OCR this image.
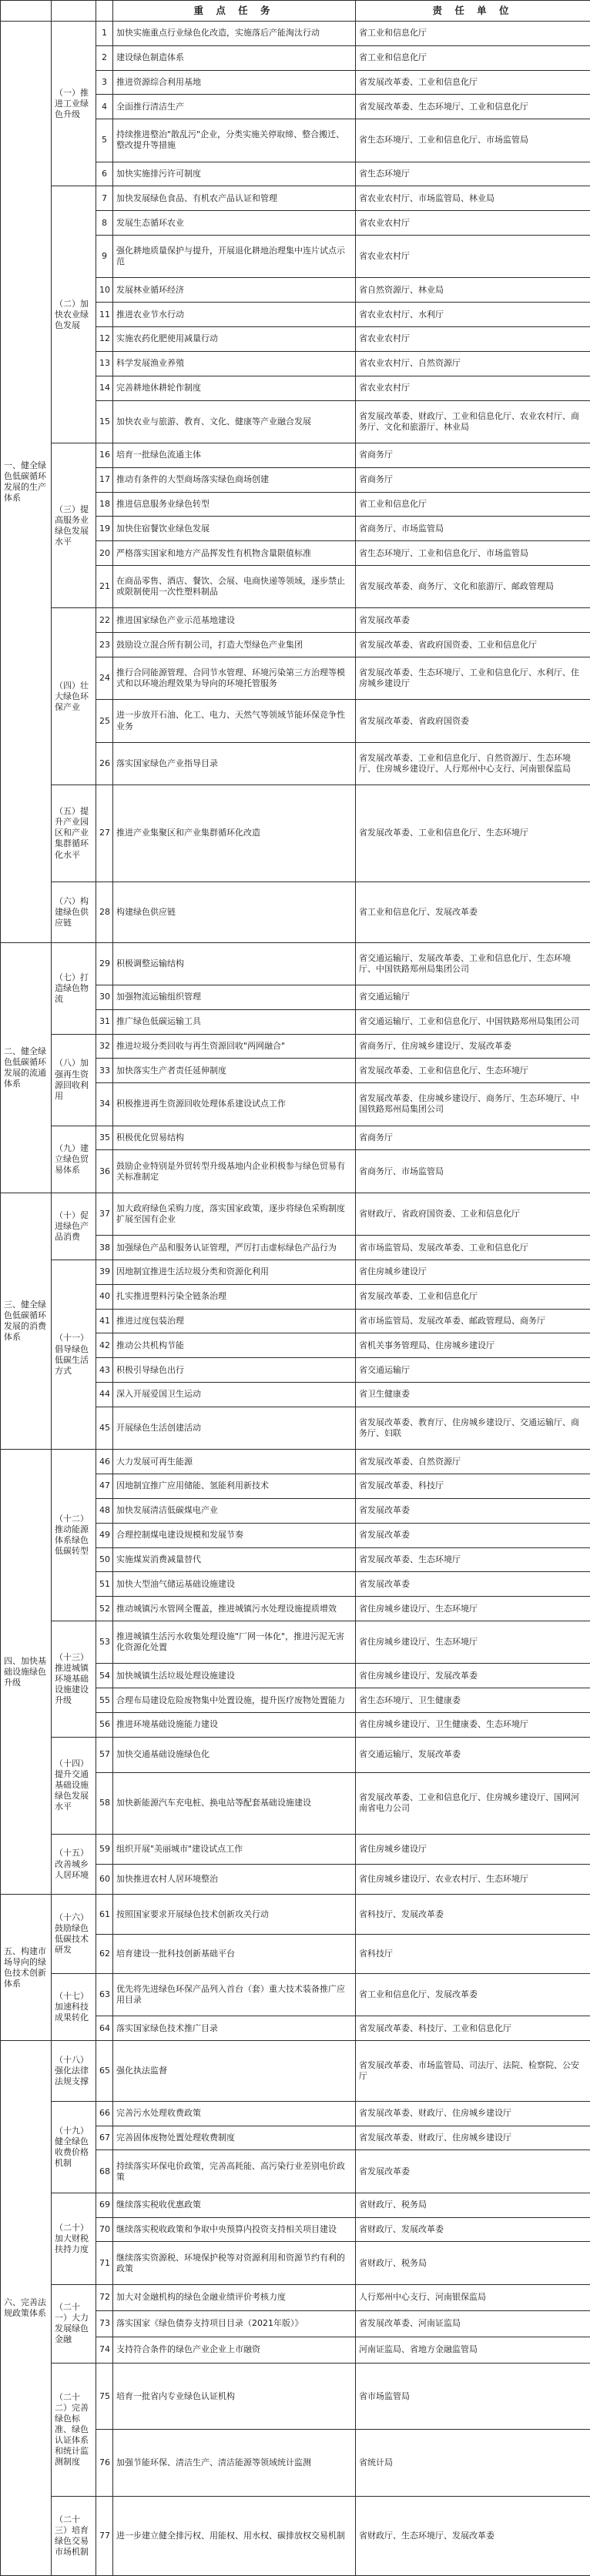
			重 点 任 务	责 任 单 位
一、健全绿色低碳循环发展的生产体系	（一）推进工业绿色升级	1	加快实施重点行业绿色化改造，实施落后产能淘汰行动	省工业和信息化厅
		2	建设绿色制造体系	省工业和信息化厅
		3	推进资源综合利用基地	省发展改革委、工业和信息化厅
		4	全面推行清洁生产	省发展改革委、生态环境厅、工业和信息化厅
		5	持续推进整治"散乱污"企业，分类实施关停取缔、整合搬迁、整改提升等措施	省生态环境厅、工业和信息化厅、市场监管局
		6	加快实施排污许可制度	省生态环境厅
	（二）加快农业绿色发展	7	加快发展绿色食品、有机农产品认证和管理	省农业农村厅、市场监管局、林业局
		8	发展生态循环农业	省农业农村厅
		9	强化耕地质量保护与提升，开展退化耕地治理集中连片试点示范	省农业农村厅
		10	发展林业循环经济	省自然资源厅、林业局
		11	推进农业节水行动	省农业农村厅、水利厅
		12	实施农药化肥使用减量行动	省农业农村厅
		13	科学发展渔业养殖	省农业农村厅、自然资源厅
		14	完善耕地休耕轮作制度	省农业农村厅
		15	加快农业与旅游、教育、文化、健康等产业融合发展	省发展改革委、财政厅、工业和信息化厅、农业农村厅、商务厅、文化和旅游厅、林业局
	（三）提高服务业绿色发展水平	16	培育一批绿色流通主体	省商务厅
		17	推动有条件的大型商场落实绿色商场创建	省商务厅
		18	推进信息服务业绿色转型	省工业和信息化厅
		19	加快住宿餐饮业绿色发展	省商务厅、市场监管局
		20	严格落实国家和地方产品挥发性有机物含量限值标准	省生态环境厅、工业和信息化厅、市场监管局
		21	在商品零售、酒店、餐饮、会展、电商快递等领域，逐步禁止或限制使用一次性塑料制品	省发展改革委、商务厅、文化和旅游厅、邮政管理局
	（四）壮大绿色环保产业	22	推进国家绿色产业示范基地建设	省发展改革委
		23	鼓励设立混合所有制公司，打造大型绿色产业集团	省发展改革委、省政府国资委、工业和信息化厅
		24	推行合同能源管理、合同节水管理、环境污染第三方治理等模式和以环境治理效果为导向的环境托管服务	省发展改革委、生态环境厅、工业和信息化厅、水利厅、住房城乡建设厅
		25	进一步放开石油、化工、电力、天然气等领域节能环保竞争性业务	省发展改革委、省政府国资委
		26	落实国家绿色产业指导目录	省发展改革委、工业和信息化厅、自然资源厅、生态环境厅、住房城乡建设厅、人行郑州中心支行、河南银保监局
	（五）提升产业园区和产业集群循环化水平	27	推进产业集聚区和产业集群循环化改造	省发展改革委、工业和信息化厅、生态环境厅
	（六）构建绿色供应链	28	构建绿色供应链	省工业和信息化厅、发展改革委
二、健全绿色低碳循环发展的流通体系	（七）打造绿色物流	29	积极调整运输结构	省交通运输厅、发展改革委、工业和信息化厅、生态环境厅、中国铁路郑州局集团公司
		30	加强物流运输组织管理	省交通运输厅
		31	推广绿色低碳运输工具	省交通运输厅、工业和信息化厅、中国铁路郑州局集团公司
	（八）加强再生资源回收利用	32	推进垃圾分类回收与再生资源回收"两网融合"	省商务厅、住房城乡建设厅、发展改革委
		33	加快落实生产者责任延伸制度	省发展改革委、工业和信息化厅、生态环境厅
		34	积极推进再生资源回收处理体系建设试点工作	省发展改革委、住房城乡建设厅、商务厅、生态环境厅、中国铁路郑州局集团公司
	（九）建立绿色贸易体系	35	积极优化贸易结构	省商务厅
		36	鼓励企业特别是外贸转型升级基地内企业积极参与绿色贸易有关标准制定	省商务厅、市场监管局
三、健全绿色低碳循环发展的消费体系	（十）促进绿色产品消费	37	加大政府绿色采购力度，落实国家政策，逐步将绿色采购制度扩展至国有企业	省财政厅、省政府国资委、工业和信息化厅
		38	加强绿色产品和服务认证管理，严厉打击虚标绿色产品行为	省市场监管局、发展改革委、工业和信息化厅
	（十一）倡导绿色低碳生活方式	39	因地制宜推进生活垃圾分类和资源化利用	省住房城乡建设厅
		40	扎实推进塑料污染全链条治理	省发展改革委、工业和信息化厅
		41	推进过度包装治理	省市场监管局、发展改革委、邮政管理局、商务厅
		42	推动公共机构节能	省机关事务管理局、住房城乡建设厅
		43	积极引导绿色出行	省交通运输厅
		44	深入开展爱国卫生运动	省卫生健康委
		45	开展绿色生活创建活动	省发展改革委、教育厅、住房城乡建设厅、交通运输厅、商务厅、妇联
四、加快基础设施绿色升级	（十二）推动能源体系绿色低碳转型	46	大力发展可再生能源	省发展改革委、自然资源厅
		47	因地制宜推广应用储能、氢能利用新技术	省发展改革委、科技厅
		48	加快发展清洁低碳煤电产业	省发展改革委
		49	合理控制煤电建设规模和发展节奏	省发展改革委
		50	实施煤炭消费减量替代	省发展改革委、生态环境厅
		51	加快大型油气储运基础设施建设	省发展改革委
		52	推动城镇污水管网全覆盖，推进城镇污水处理设施提质增效	省住房城乡建设厅、生态环境厅
	（十三）推进城镇环境基础设施建设升级	53	推进城镇生活污水收集处理设施"厂网一体化"，推进污泥无害化资源化处置	省住房城乡建设厅、生态环境厅
		54	加快城镇生活垃圾处理设施建设	省住房城乡建设厅、发展改革委
		55	合理布局建设危险废物集中处置设施，提升医疗废物处置能力	省生态环境厅、卫生健康委
		56	推进环境基础设施能力建设	省住房城乡建设厅、卫生健康委、生态环境厅
	（十四）提升交通基础设施绿色发展水平	57	加快交通基础设施绿色化	省交通运输厅、发展改革委
		58	加快新能源汽车充电桩、换电站等配套基础设施建设	省发展改革委、工业和信息化厅、住房城乡建设厅、国网河南省电力公司
	（十五）改善城乡人居环境	59	组织开展"美丽城市"建设试点工作	省住房城乡建设厅
		60	加快推进农村人居环境整治	省住房城乡建设厅、农业农村厅、生态环境厅
五、构建市场导向的绿色技术创新体系	（十六）鼓励绿色低碳技术研发	61	按照国家要求开展绿色技术创新攻关行动	省科技厅、发展改革委
		62	培育建设一批科技创新基础平台	省科技厅
	（十七）加速科技成果转化	63	优先将先进绿色环保产品列入首台（套）重大技术装备推广应用目录	省工业和信息化厅、发展改革委
		64	落实国家绿色技术推广目录	省发展改革委、科技厅、工业和信息化厅
六、完善法规政策体系	（十八）强化法律法规支撑	65	强化执法监督	省发展改革委、市场监管局、司法厅、法院、检察院、公安厅
	（十九）健全绿色收费价格机制	66	完善污水处理收费政策	省发展改革委、财政厅、住房城乡建设厅
		67	完善固体废物处置处理收费制度	省发展改革委、财政厅、住房城乡建设厅
		68	持续落实环保电价政策，完善高耗能、高污染行业差别电价政策	省发展改革委
	（二十）加大财税扶持力度	69	继续落实税收优惠政策	省财政厅、税务局
		70	继续落实税收政策和争取中央预算内投资支持相关项目建设	省财政厅、发展改革委
		71	继续落实资源税、环境保护税等对资源利用和资源节约有利的政策	省财政厅、税务局
	（二十一）大力发展绿色金融	72	加大对金融机构的绿色金融业绩评价考核力度	人行郑州中心支行、河南银保监局
		73	落实国家《绿色债券支持项目目录（2021年版）》	省发展改革委、河南证监局
		74	支持符合条件的绿色产业企业上市融资	河南证监局、省地方金融监管局
	（二十二）完善绿色标准、绿色认证体系和统计监测制度	75	培育一批省内专业绿色认证机构	省市场监管局
		76	加强节能环保、清洁生产、清洁能源等领域统计监测	省统计局
	（二十三）培育绿色交易市场机制	77	进一步建立健全排污权、用能权、用水权、碳排放权交易机制	省财政厅、生态环境厅、发展改革委
